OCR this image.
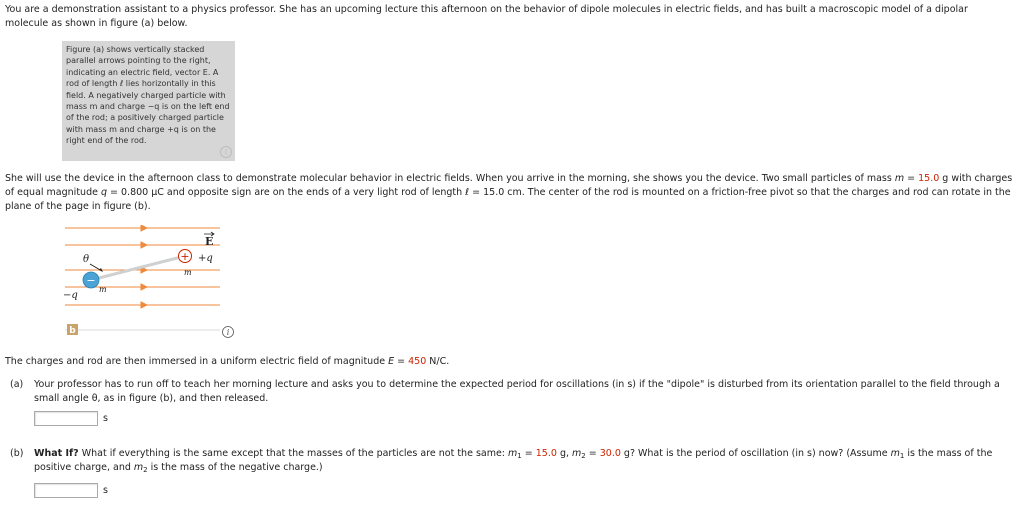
You are a demonstration assistant to a physics professor. She has an upcoming lecture this afternoon on the behavior of dipole molecules in electric fields, and has built a macroscopic model of a dipolar molecule as shown in figure (a) below.

Figure (a) shows vertically stacked parallel arrows pointing to the right, indicating an electric field, vector E. A rod of length ℓ lies horizontally in this field. A negatively charged particle with mass m and charge −q is on the left end of the rod; a positively charged particle with mass m and charge +q is on the right end of the rod.
i

She will use the device in the afternoon class to demonstrate molecular behavior in electric fields. When you arrive in the morning, she shows you the device. Two small particles of mass m = 15.0 g with charges of equal magnitude q = 0.800 μC and opposite sign are on the ends of a very light rod of length ℓ = 15.0 cm. The center of the rod is mounted on a friction-free pivot so that the charges and rod can rotate in the plane of the page in figure (b).

−
+
E
θ	+q
−q
m
m
b	i

The charges and rod are then immersed in a uniform electric field of magnitude E = 450 N/C.

(a) Your professor has to run off to teach her morning lecture and asks you to determine the expected period for oscillations (in s) if the "dipole" is disturbed from its orientation parallel to the field through a small angle θ, as in figure (b), and then released.
s
(b) What If? What if everything is the same except that the masses of the particles are not the same: $m_1 = 15.0$ g, $m_2 = 30.0$ g? What is the period of oscillation (in s) now? (Assume $m_1$ is the mass of the positive charge, and $m_2$ is the mass of the negative charge.)
s
